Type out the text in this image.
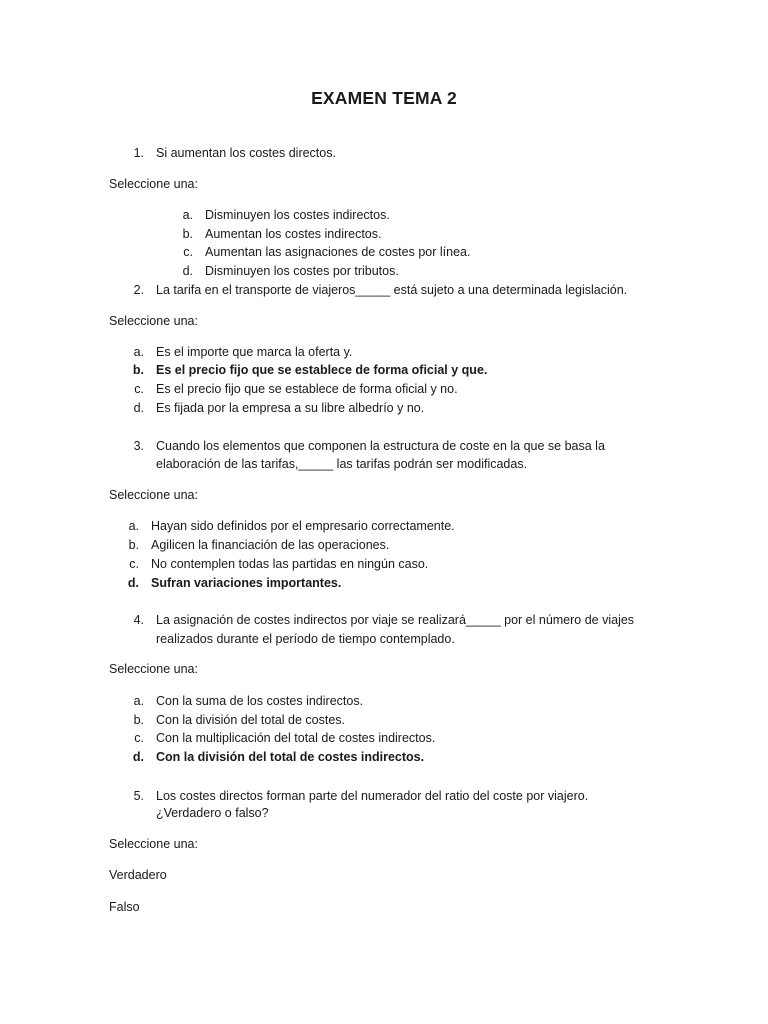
EXAMEN TEMA 2
1. Si aumentan los costes directos.
Seleccione una:
a. Disminuyen los costes indirectos.
b. Aumentan los costes indirectos.
c. Aumentan las asignaciones de costes por línea.
d. Disminuyen los costes por tributos.
2. La tarifa en el transporte de viajeros_____ está sujeto a una determinada legislación.
Seleccione una:
a. Es el importe que marca la oferta y.
b. Es el precio fijo que se establece de forma oficial y que.
c. Es el precio fijo que se establece de forma oficial y no.
d. Es fijada por la empresa a su libre albedrío y no.
3. Cuando los elementos que componen la estructura de coste en la que se basa la
elaboración de las tarifas,_____ las tarifas podrán ser modificadas.
Seleccione una:
a. Hayan sido definidos por el empresario correctamente.
b. Agilicen la financiación de las operaciones.
c. No contemplen todas las partidas en ningún caso.
d. Sufran variaciones importantes.
4. La asignación de costes indirectos por viaje se realizará_____ por el número de viajes
realizados durante el período de tiempo contemplado.
Seleccione una:
a. Con la suma de los costes indirectos.
b. Con la división del total de costes.
c. Con la multiplicación del total de costes indirectos.
d. Con la división del total de costes indirectos.
5. Los costes directos forman parte del numerador del ratio del coste por viajero.
¿Verdadero o falso?
Seleccione una:
Verdadero
Falso
